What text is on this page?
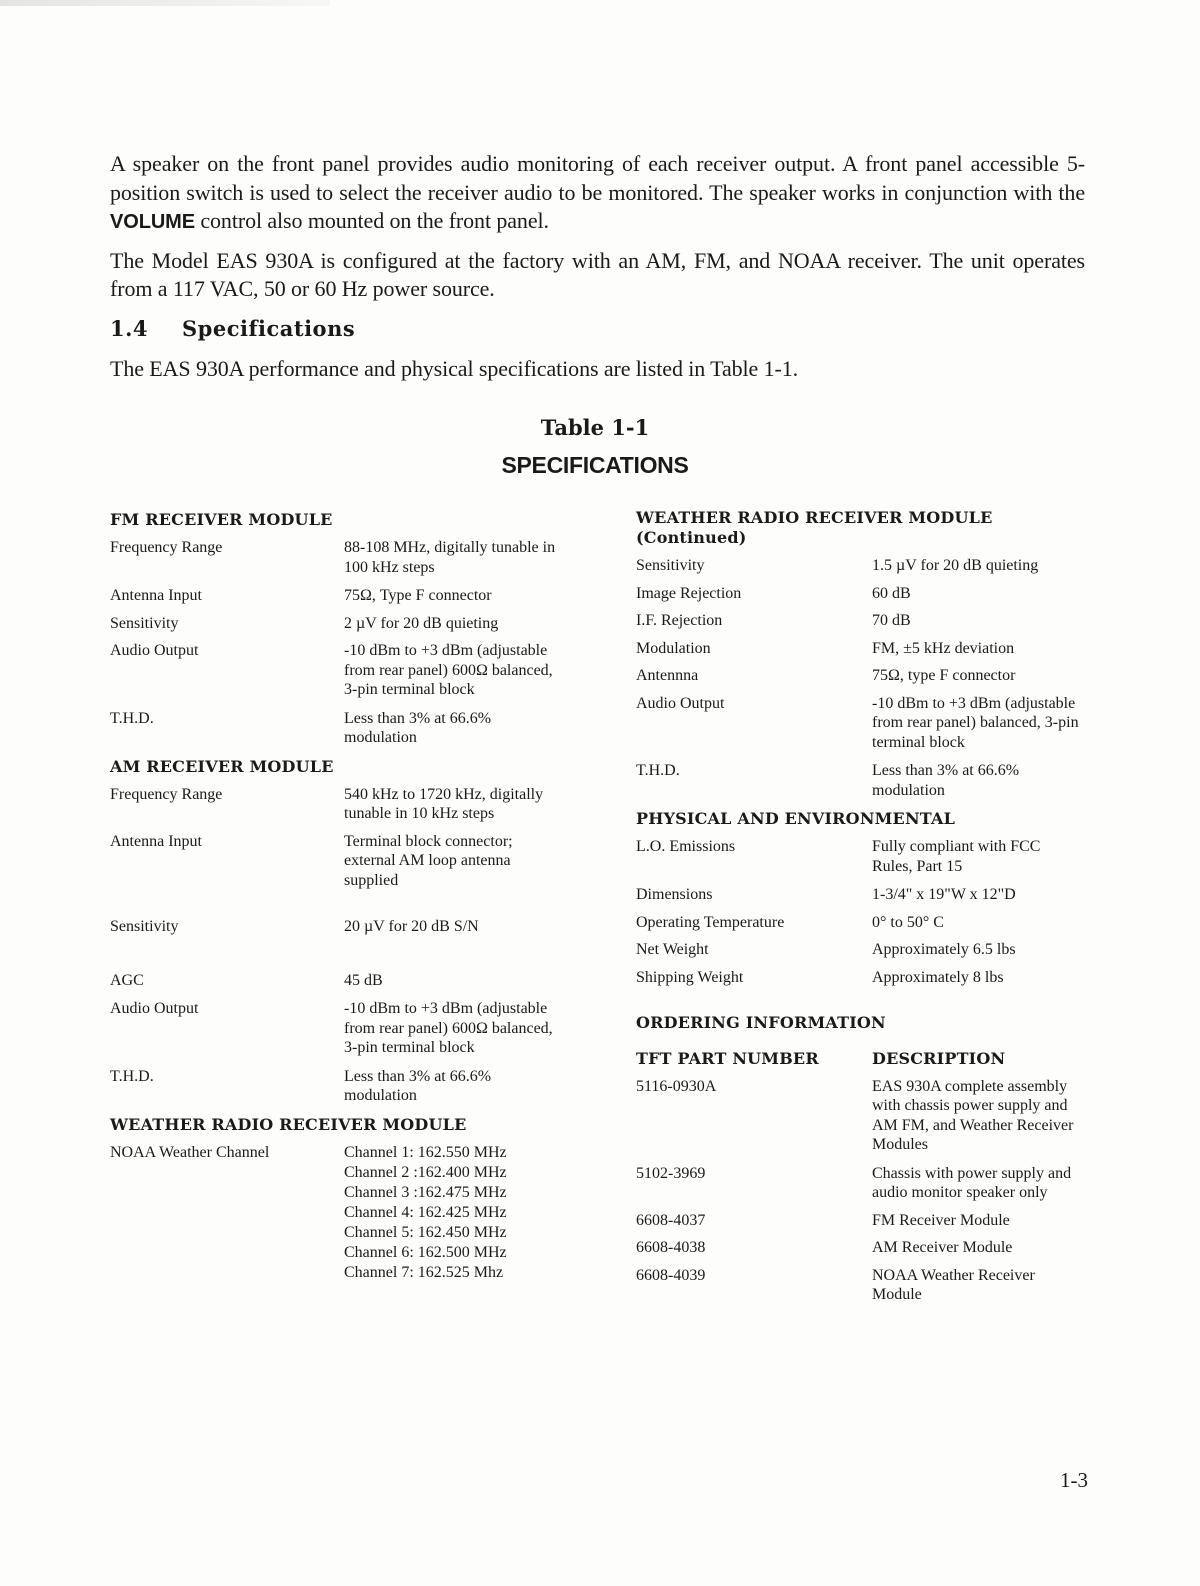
A speaker on the front panel provides audio monitoring of each receiver output. A front panel accessible 5-position switch is used to select the receiver audio to be monitored. The speaker works in conjunction with the VOLUME control also mounted on the front panel.

The Model EAS 930A is configured at the factory with an AM, FM, and NOAA receiver. The unit operates from a 117 VAC, 50 or 60 Hz power source.

1.4 Specifications

The EAS 930A performance and physical specifications are listed in Table 1-1.

Table 1-1
SPECIFICATIONS
FM RECEIVER MODULE
Frequency Range	88-108 MHz, digitally tunable in 100 kHz steps
Antenna Input	75Ω, Type F connector
Sensitivity	2 µV for 20 dB quieting
Audio Output	-10 dBm to +3 dBm (adjustable from rear panel) 600Ω balanced, 3-pin terminal block
T.H.D.	Less than 3% at 66.6% modulation
AM RECEIVER MODULE
Frequency Range	540 kHz to 1720 kHz, digitally tunable in 10 kHz steps
Antenna Input	Terminal block connector; external AM loop antenna supplied
Sensitivity	20 µV for 20 dB S/N
AGC	45 dB
Audio Output	-10 dBm to +3 dBm (adjustable from rear panel) 600Ω balanced, 3-pin terminal block
T.H.D.	Less than 3% at 66.6% modulation
WEATHER RADIO RECEIVER MODULE
NOAA Weather Channel	Channel 1: 162.550 MHz
Channel 2 :162.400 MHz
Channel 3 :162.475 MHz
Channel 4: 162.425 MHz
Channel 5: 162.450 MHz
Channel 6: 162.500 MHz
Channel 7: 162.525 Mhz
WEATHER RADIO RECEIVER MODULE
(Continued)
Sensitivity	1.5 µV for 20 dB quieting
Image Rejection	60 dB
I.F. Rejection	70 dB
Modulation	FM, ±5 kHz deviation
Antennna	75Ω, type F connector
Audio Output	-10 dBm to +3 dBm (adjustable from rear panel) balanced, 3-pin terminal block
T.H.D.	Less than 3% at 66.6% modulation
PHYSICAL AND ENVIRONMENTAL
L.O. Emissions	Fully compliant with FCC Rules, Part 15
Dimensions	1-3/4" x 19"W x 12"D
Operating Temperature	0° to 50° C
Net Weight	Approximately 6.5 lbs
Shipping Weight	Approximately 8 lbs
ORDERING INFORMATION
TFT PART NUMBER	DESCRIPTION
5116-0930A	EAS 930A complete assembly with chassis power supply and AM FM, and Weather Receiver Modules
5102-3969	Chassis with power supply and audio monitor speaker only
6608-4037	FM Receiver Module
6608-4038	AM Receiver Module
6608-4039	NOAA Weather Receiver Module
1-3
